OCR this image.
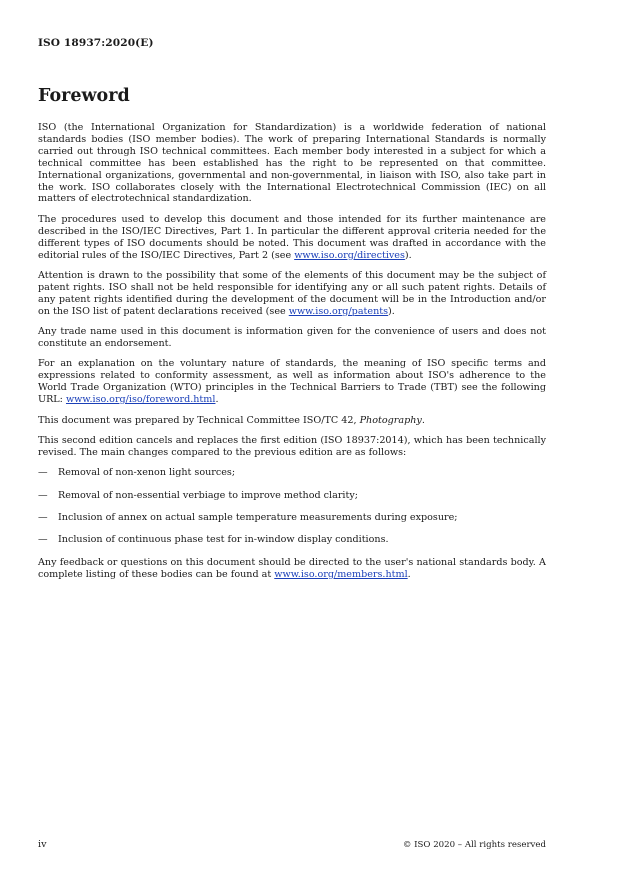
ISO 18937:2020(E)
Foreword

ISO (the International Organization for Standardization) is a worldwide federation of national standards bodies (ISO member bodies). The work of preparing International Standards is normally carried out through ISO technical committees. Each member body interested in a subject for which a technical committee has been established has the right to be represented on that committee. International organizations, governmental and non-governmental, in liaison with ISO, also take part in the work. ISO collaborates closely with the International Electrotechnical Commission (IEC) on all matters of electrotechnical standardization.

The procedures used to develop this document and those intended for its further maintenance are described in the ISO/IEC Directives, Part 1. In particular the different approval criteria needed for the different types of ISO documents should be noted. This document was drafted in accordance with the editorial rules of the ISO/IEC Directives, Part 2 (see www.iso.org/directives).

Attention is drawn to the possibility that some of the elements of this document may be the subject of patent rights. ISO shall not be held responsible for identifying any or all such patent rights. Details of any patent rights identified during the development of the document will be in the Introduction and/or on the ISO list of patent declarations received (see www.iso.org/patents).

Any trade name used in this document is information given for the convenience of users and does not constitute an endorsement.

For an explanation on the voluntary nature of standards, the meaning of ISO specific terms and expressions related to conformity assessment, as well as information about ISO's adherence to the World Trade Organization (WTO) principles in the Technical Barriers to Trade (TBT) see the following URL: www.iso.org/iso/foreword.html.

This document was prepared by Technical Committee ISO/TC 42, Photography.

This second edition cancels and replaces the first edition (ISO 18937:2014), which has been technically revised. The main changes compared to the previous edition are as follows:

—	Removal of non-xenon light sources;
—	Removal of non-essential verbiage to improve method clarity;
—	Inclusion of annex on actual sample temperature measurements during exposure;
—	Inclusion of continuous phase test for in-window display conditions.

Any feedback or questions on this document should be directed to the user's national standards body. A complete listing of these bodies can be found at www.iso.org/members.html.

iv	© ISO 2020 – All rights reserved
